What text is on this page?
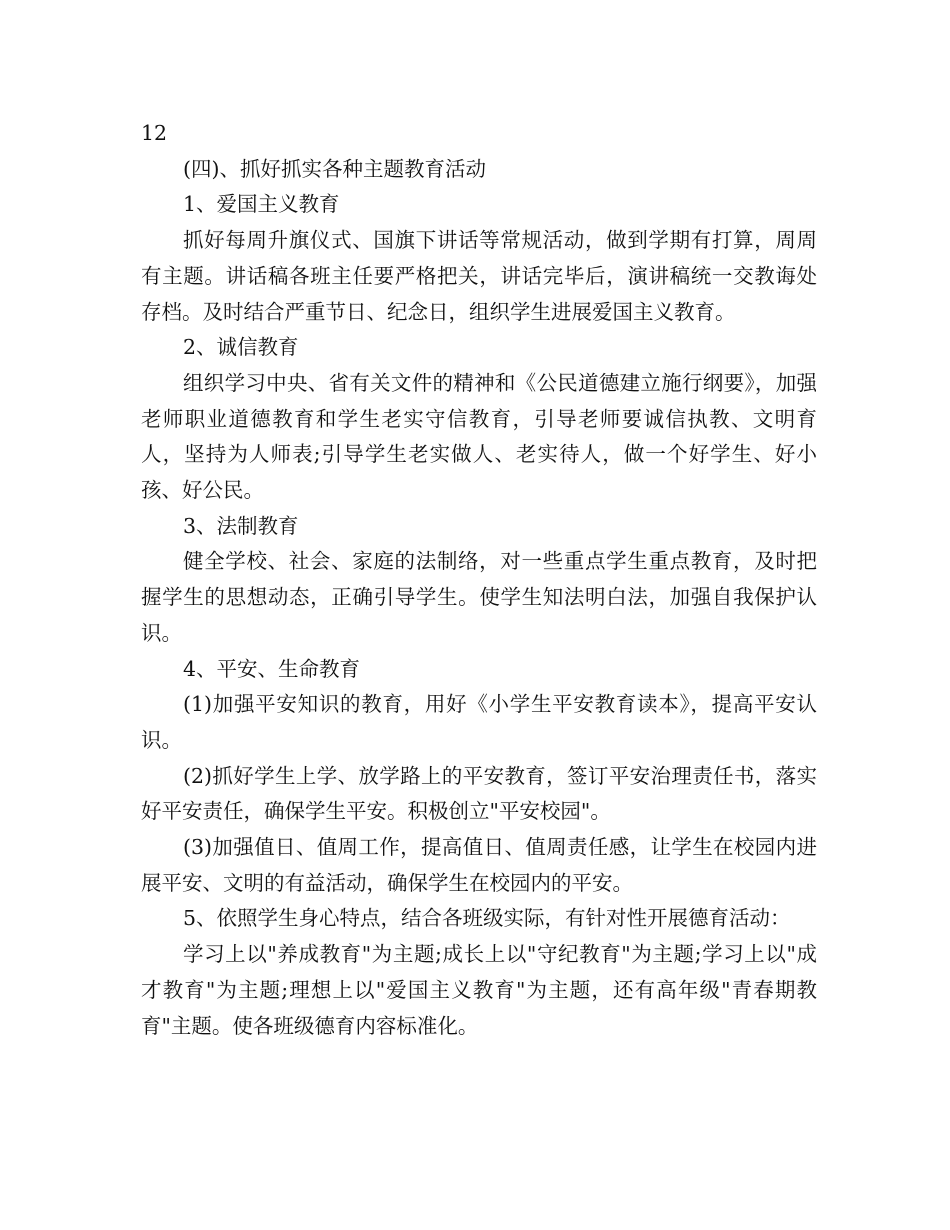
12

(四)、抓好抓实各种主题教育活动

1、爱国主义教育

抓好每周升旗仪式、国旗下讲话等常规活动，做到学期有打算，周周有主题。讲话稿各班主任要严格把关，讲话完毕后，演讲稿统一交教诲处存档。及时结合严重节日、纪念日，组织学生进展爱国主义教育。

2、诚信教育

组织学习中央、省有关文件的精神和《公民道德建立施行纲要》，加强老师职业道德教育和学生老实守信教育，引导老师要诚信执教、文明育人，坚持为人师表;引导学生老实做人、老实待人，做一个好学生、好小孩、好公民。

3、法制教育

健全学校、社会、家庭的法制络，对一些重点学生重点教育，及时把握学生的思想动态，正确引导学生。使学生知法明白法，加强自我保护认识。

4、平安、生命教育

(1)加强平安知识的教育，用好《小学生平安教育读本》，提高平安认识。

(2)抓好学生上学、放学路上的平安教育，签订平安治理责任书，落实好平安责任，确保学生平安。积极创立"平安校园"。

(3)加强值日、值周工作，提高值日、值周责任感，让学生在校园内进展平安、文明的有益活动，确保学生在校园内的平安。

5、依照学生身心特点，结合各班级实际，有针对性开展德育活动：

学习上以"养成教育"为主题;成长上以"守纪教育"为主题;学习上以"成才教育"为主题;理想上以"爱国主义教育"为主题，还有高年级"青春期教育"主题。使各班级德育内容标准化。
